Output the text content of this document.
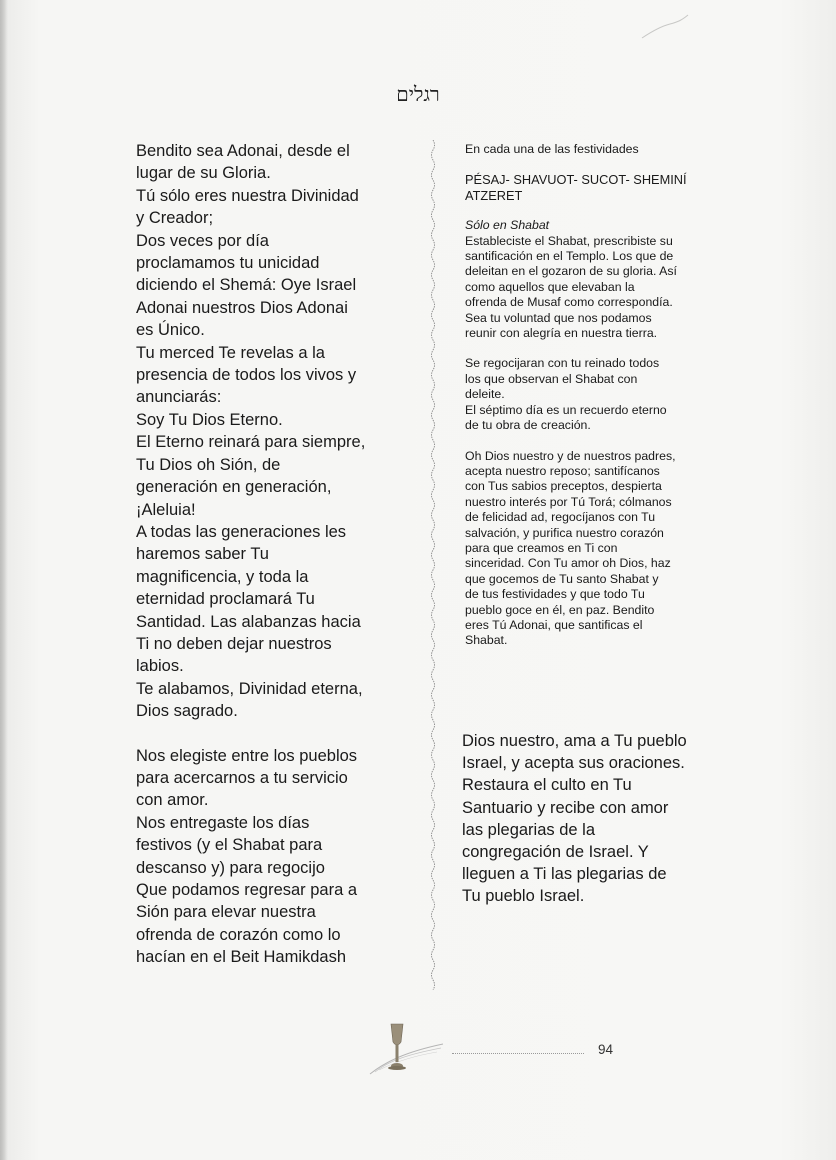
רגלים

Bendito sea Adonai, desde el

lugar de su Gloria.

Tú sólo eres nuestra Divinidad

y Creador;

Dos veces por día

proclamamos tu unicidad

diciendo el Shemá: Oye Israel

Adonai nuestros Dios Adonai

es Único.

Tu merced Te revelas a la

presencia de todos los vivos y

anunciarás:

Soy Tu Dios Eterno.

El Eterno reinará para siempre,

Tu Dios oh Sión, de

generación en generación,

¡Aleluia!

A todas las generaciones les

haremos saber Tu

magnificencia, y toda la

eternidad proclamará Tu

Santidad. Las alabanzas hacia

Ti no deben dejar nuestros

labios.

Te alabamos, Divinidad eterna,

Dios sagrado.

Nos elegiste entre los pueblos

para acercarnos a tu servicio

con amor.

Nos entregaste los días

festivos (y el Shabat para

descanso y) para regocijo

Que podamos regresar para a

Sión para elevar nuestra

ofrenda de corazón como lo

hacían en el Beit Hamikdash

En cada una de las festividades

PÉSAJ- SHAVUOT- SUCOT- SHEMINÍ

ATZERET

Sólo en Shabat

Estableciste el Shabat, prescribiste su

santificación en el Templo. Los que de

deleitan en el gozaron de su gloria. Así

como aquellos que elevaban la

ofrenda de Musaf como correspondía.

Sea tu voluntad que nos podamos

reunir con alegría en nuestra tierra.

Se regocijaran con tu reinado todos

los que observan el Shabat con

deleite.

El séptimo día es un recuerdo eterno

de tu obra de creación.

Oh Dios nuestro y de nuestros padres,

acepta nuestro reposo; santifícanos

con Tus sabios preceptos, despierta

nuestro interés por Tú Torá; cólmanos

de felicidad ad, regocíjanos con Tu

salvación, y purifica nuestro corazón

para que creamos en Ti con

sinceridad. Con Tu amor oh Dios, haz

que gocemos de Tu santo Shabat y

de tus festividades y que todo Tu

pueblo goce en él, en paz. Bendito

eres Tú Adonai, que santificas el

Shabat.

Dios nuestro, ama a Tu pueblo

Israel, y acepta sus oraciones.

Restaura el culto en Tu

Santuario y recibe con amor

las plegarias de la

congregación de Israel. Y

lleguen a Ti las plegarias de

Tu pueblo Israel.

94
